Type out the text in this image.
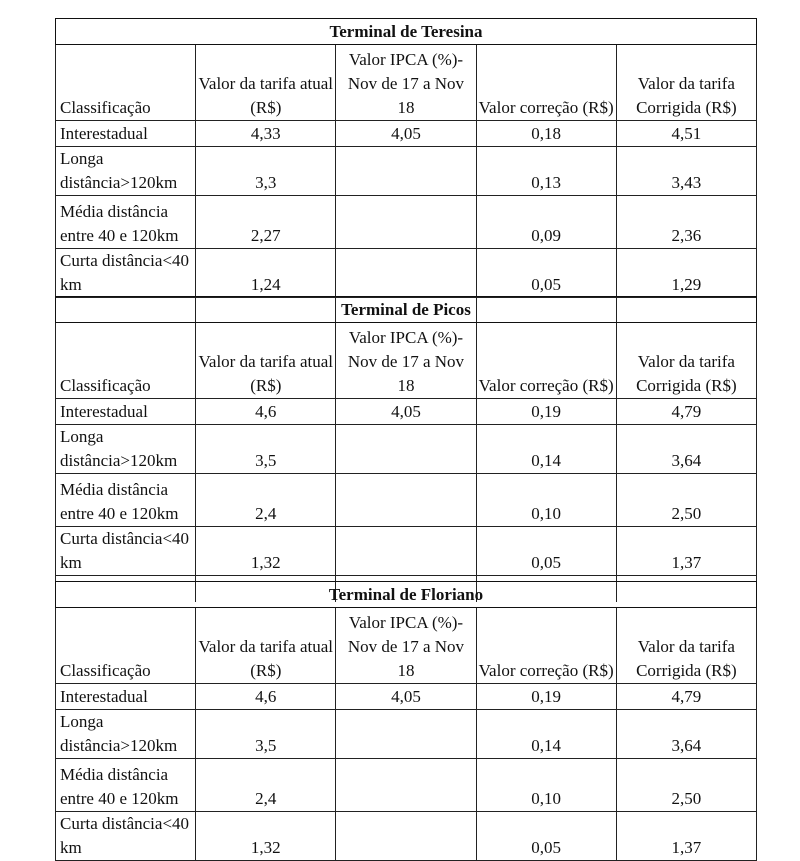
Terminal de Teresina				
Classificação	Valor da tarifa atual (R$)	Valor IPCA (%)- Nov de 17 a Nov 18	Valor correção (R$)	Valor da tarifa Corrigida (R$)
Interestadual	4,33	4,05	0,18	4,51
Longa distância>120km	3,3		0,13	3,43
Média distância entre 40 e 120km	2,27		0,09	2,36
Curta distância<40 km	1,24		0,05	1,29

Terminal de Picos				
Classificação	Valor da tarifa atual (R$)	Valor IPCA (%)- Nov de 17 a Nov 18	Valor correção (R$)	Valor da tarifa Corrigida (R$)
Interestadual	4,6	4,05	0,19	4,79
Longa distância>120km	3,5		0,14	3,64
Média distância entre 40 e 120km	2,4		0,10	2,50
Curta distância<40 km	1,32		0,05	1,37

Terminal de Floriano				
Classificação	Valor da tarifa atual (R$)	Valor IPCA (%)- Nov de 17 a Nov 18	Valor correção (R$)	Valor da tarifa Corrigida (R$)
Interestadual	4,6	4,05	0,19	4,79
Longa distância>120km	3,5		0,14	3,64
Média distância entre 40 e 120km	2,4		0,10	2,50
Curta distância<40 km	1,32		0,05	1,37
